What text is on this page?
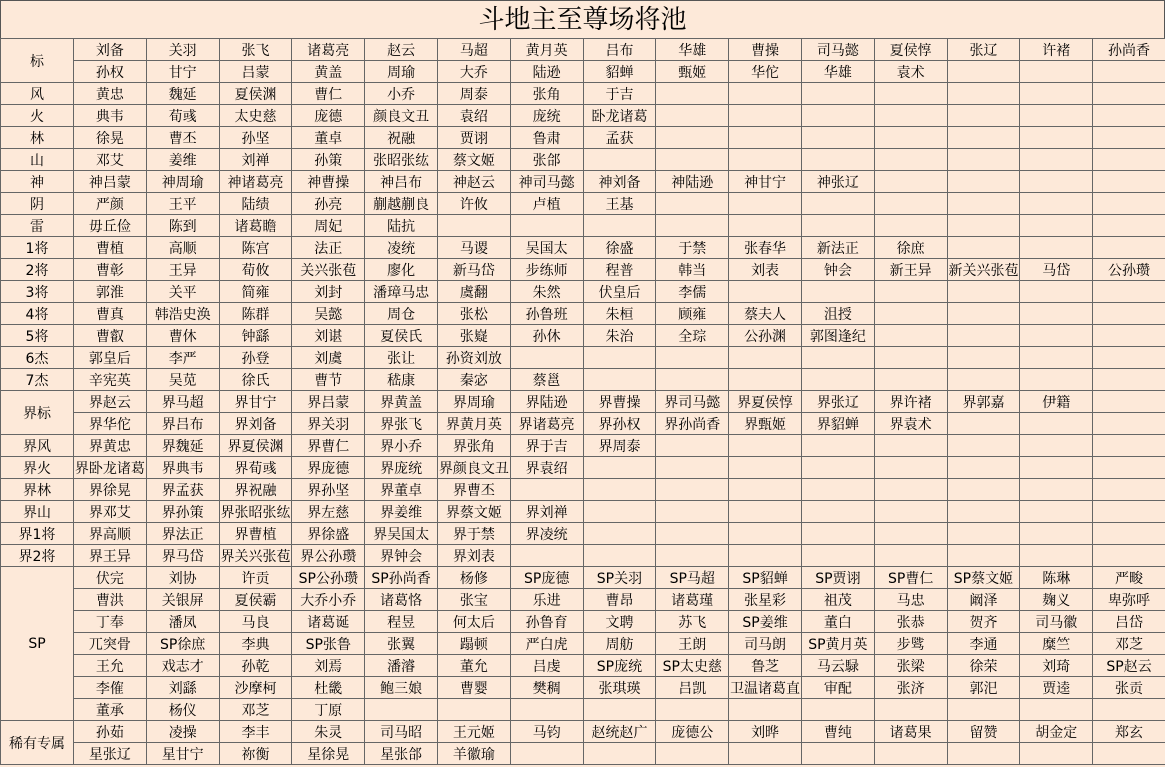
斗地主至尊场将池
标	刘备	关羽	张飞	诸葛亮	赵云	马超	黄月英	吕布	华雄	曹操	司马懿	夏侯惇	张辽	许褚	孙尚香
	孙权	甘宁	吕蒙	黄盖	周瑜	大乔	陆逊	貂蝉	甄姬	华佗	华雄	袁术			
风	黄忠	魏延	夏侯渊	曹仁	小乔	周泰	张角	于吉							
火	典韦	荀彧	太史慈	庞德	颜良文丑	袁绍	庞统	卧龙诸葛							
林	徐晃	曹丕	孙坚	董卓	祝融	贾诩	鲁肃	孟获							
山	邓艾	姜维	刘禅	孙策	张昭张纮	蔡文姬	张郃								
神	神吕蒙	神周瑜	神诸葛亮	神曹操	神吕布	神赵云	神司马懿	神刘备	神陆逊	神甘宁	神张辽				
阴	严颜	王平	陆绩	孙亮	蒯越蒯良	许攸	卢植	王基							
雷	毋丘俭	陈到	诸葛瞻	周妃	陆抗										
1将	曹植	高顺	陈宫	法正	凌统	马谡	吴国太	徐盛	于禁	张春华	新法正	徐庶			
2将	曹彰	王异	荀攸	关兴张苞	廖化	新马岱	步练师	程普	韩当	刘表	钟会	新王异	新关兴张苞	马岱	公孙瓒
3将	郭淮	关平	简雍	刘封	潘璋马忠	虞翻	朱然	伏皇后	李儒						
4将	曹真	韩浩史涣	陈群	吴懿	周仓	张松	孙鲁班	朱桓	顾雍	蔡夫人	沮授				
5将	曹叡	曹休	钟繇	刘谌	夏侯氏	张嶷	孙休	朱治	全琮	公孙渊	郭图逢纪				
6杰	郭皇后	李严	孙登	刘虞	张让	孙资刘放									
7杰	辛宪英	吴苋	徐氏	曹节	嵇康	秦宓	蔡邕								
界标	界赵云	界马超	界甘宁	界吕蒙	界黄盖	界周瑜	界陆逊	界曹操	界司马懿	界夏侯惇	界张辽	界许褚	界郭嘉	伊籍	
	界华佗	界吕布	界刘备	界关羽	界张飞	界黄月英	界诸葛亮	界孙权	界孙尚香	界甄姬	界貂蝉	界袁术			
界风	界黄忠	界魏延	界夏侯渊	界曹仁	界小乔	界张角	界于吉	界周泰							
界火	界卧龙诸葛	界典韦	界荀彧	界庞德	界庞统	界颜良文丑	界袁绍								
界林	界徐晃	界孟获	界祝融	界孙坚	界董卓	界曹丕									
界山	界邓艾	界孙策	界张昭张纮	界左慈	界姜维	界蔡文姬	界刘禅								
界1将	界高顺	界法正	界曹植	界徐盛	界吴国太	界于禁	界凌统								
界2将	界王异	界马岱	界关兴张苞	界公孙瓒	界钟会	界刘表									
SP	伏完	刘协	许贡	SP公孙瓒	SP孙尚香	杨修	SP庞德	SP关羽	SP马超	SP貂蝉	SP贾诩	SP曹仁	SP蔡文姬	陈琳	严畯
	曹洪	关银屏	夏侯霸	大乔小乔	诸葛恪	张宝	乐进	曹昂	诸葛瑾	张星彩	祖茂	马忠	阚泽	麹义	卑弥呼
	丁奉	潘凤	马良	诸葛诞	程昱	何太后	孙鲁育	文聘	苏飞	SP姜维	董白	张恭	贺齐	司马徽	吕岱
	兀突骨	SP徐庶	李典	SP张鲁	张翼	蹋顿	严白虎	周舫	王朗	司马朗	SP黄月英	步骘	李通	糜竺	邓芝
	王允	戏志才	孙乾	刘焉	潘濬	董允	吕虔	SP庞统	SP太史慈	鲁芝	马云騄	张梁	徐荣	刘琦	SP赵云
	李傕	刘繇	沙摩柯	杜畿	鲍三娘	曹婴	樊稠	张琪瑛	吕凯	卫温诸葛直	审配	张济	郭汜	贾逵	张贡
	董承	杨仪	邓芝	丁原											
稀有专属	孙茹	凌操	李丰	朱灵	司马昭	王元姬	马钧	赵统赵广	庞德公	刘晔	曹纯	诸葛果	留赞	胡金定	郑玄
	星张辽	星甘宁	祢衡	星徐晃	星张郃	羊徽瑜									
